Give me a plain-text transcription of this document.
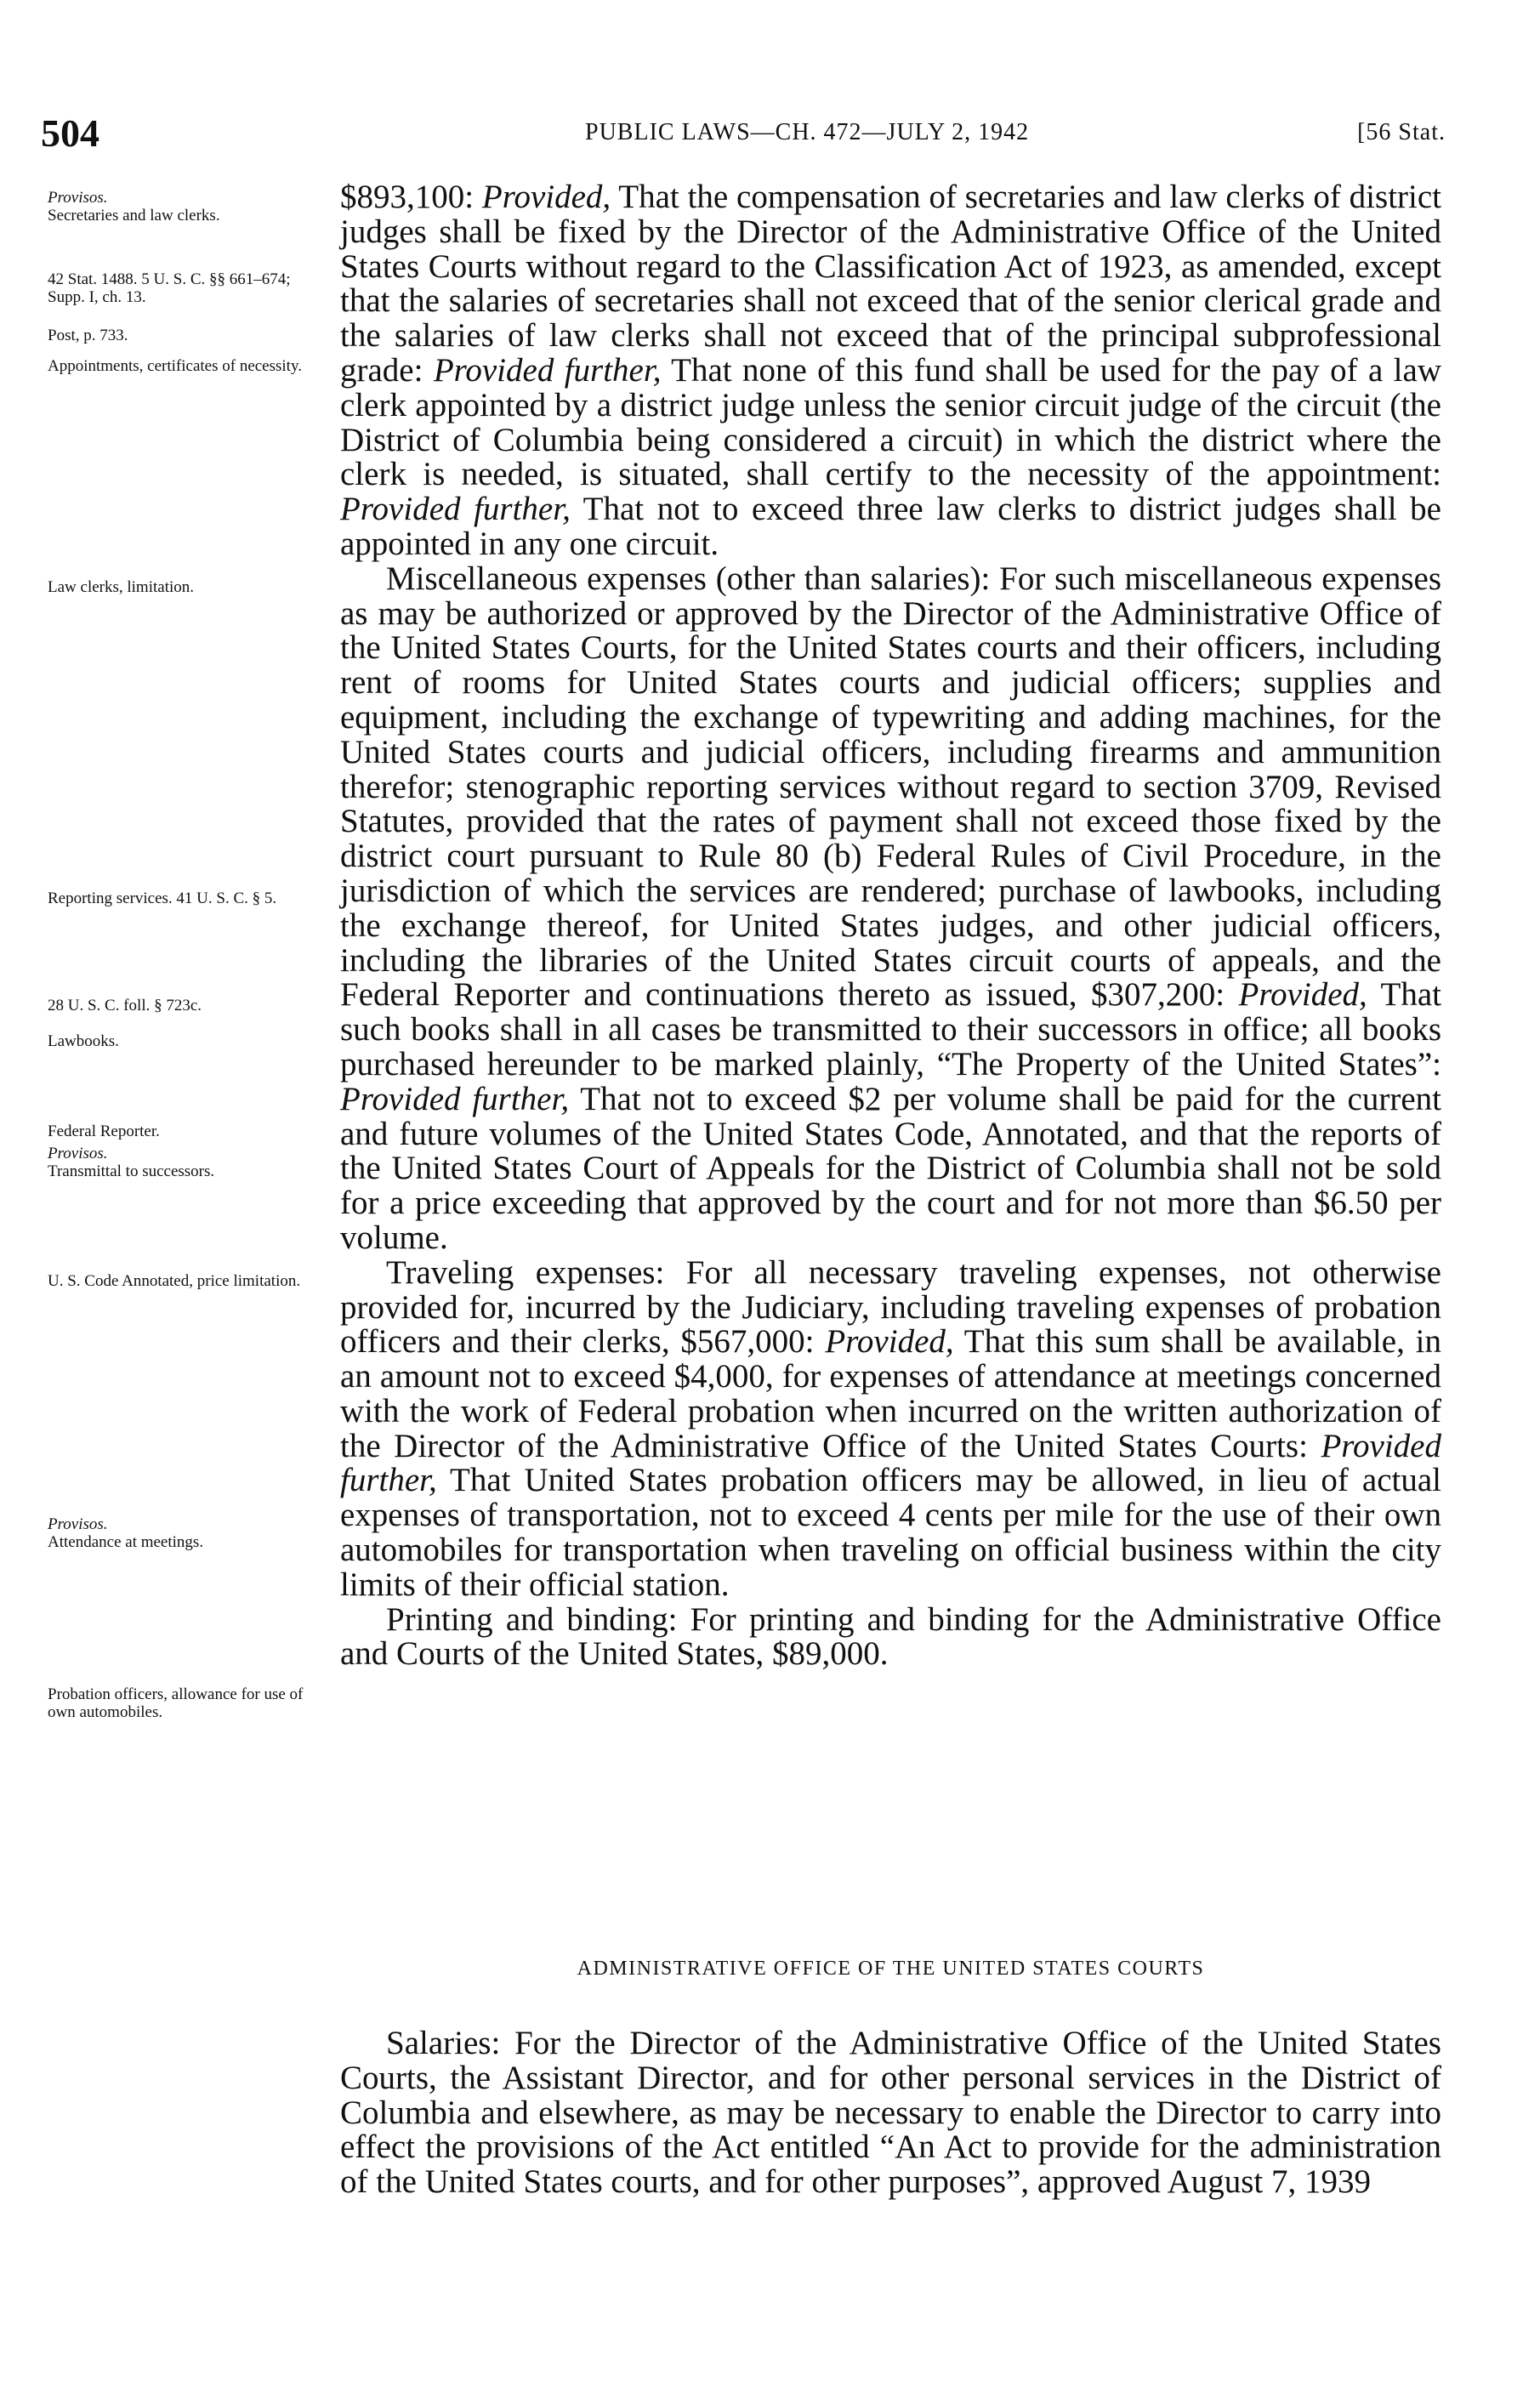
504	PUBLIC LAWS—CH. 472—JULY 2, 1942	[56 Stat.
Provisos.
Secretaries and law clerks.
42 Stat. 1488. 5 U. S. C. §§ 661–674; Supp. I, ch. 13.
Post, p. 733.
Appointments, certificates of necessity.
Law clerks, limitation.
Reporting services. 41 U. S. C. § 5.
28 U. S. C. foll. § 723c.
Lawbooks.
Federal Reporter.
Provisos.
Transmittal to successors.
U. S. Code Annotated, price limitation.
Provisos.
Attendance at meetings.
Probation officers, allowance for use of own automobiles.

$893,100: Provided, That the compensation of secretaries and law clerks of district judges shall be fixed by the Director of the Administrative Office of the United States Courts without regard to the Classification Act of 1923, as amended, except that the salaries of secretaries shall not exceed that of the senior clerical grade and the salaries of law clerks shall not exceed that of the principal subprofessional grade: Provided further, That none of this fund shall be used for the pay of a law clerk appointed by a district judge unless the senior circuit judge of the circuit (the District of Columbia being considered a circuit) in which the district where the clerk is needed, is situated, shall certify to the necessity of the appointment: Provided further, That not to exceed three law clerks to district judges shall be appointed in any one circuit.

Miscellaneous expenses (other than salaries): For such miscellaneous expenses as may be authorized or approved by the Director of the Administrative Office of the United States Courts, for the United States courts and their officers, including rent of rooms for United States courts and judicial officers; supplies and equipment, including the exchange of typewriting and adding machines, for the United States courts and judicial officers, including firearms and ammunition therefor; stenographic reporting services without regard to section 3709, Revised Statutes, provided that the rates of payment shall not exceed those fixed by the district court pursuant to Rule 80 (b) Federal Rules of Civil Procedure, in the jurisdiction of which the services are rendered; purchase of lawbooks, including the exchange thereof, for United States judges, and other judicial officers, including the libraries of the United States circuit courts of appeals, and the Federal Reporter and continuations thereto as issued, $307,200: Provided, That such books shall in all cases be transmitted to their successors in office; all books purchased hereunder to be marked plainly, “The Property of the United States”: Provided further, That not to exceed $2 per volume shall be paid for the current and future volumes of the United States Code, Annotated, and that the reports of the United States Court of Appeals for the District of Columbia shall not be sold for a price exceeding that approved by the court and for not more than $6.50 per volume.

Traveling expenses: For all necessary traveling expenses, not otherwise provided for, incurred by the Judiciary, including traveling expenses of probation officers and their clerks, $567,000: Provided, That this sum shall be available, in an amount not to exceed $4,000, for expenses of attendance at meetings concerned with the work of Federal probation when incurred on the written authorization of the Director of the Administrative Office of the United States Courts: Provided further, That United States probation officers may be allowed, in lieu of actual expenses of transportation, not to exceed 4 cents per mile for the use of their own automobiles for transportation when traveling on official business within the city limits of their official station.

Printing and binding: For printing and binding for the Administrative Office and Courts of the United States, $89,000.

ADMINISTRATIVE OFFICE OF THE UNITED STATES COURTS

Salaries: For the Director of the Administrative Office of the United States Courts, the Assistant Director, and for other personal services in the District of Columbia and elsewhere, as may be necessary to enable the Director to carry into effect the provisions of the Act entitled “An Act to provide for the administration of the United States courts, and for other purposes”, approved August 7, 1939
